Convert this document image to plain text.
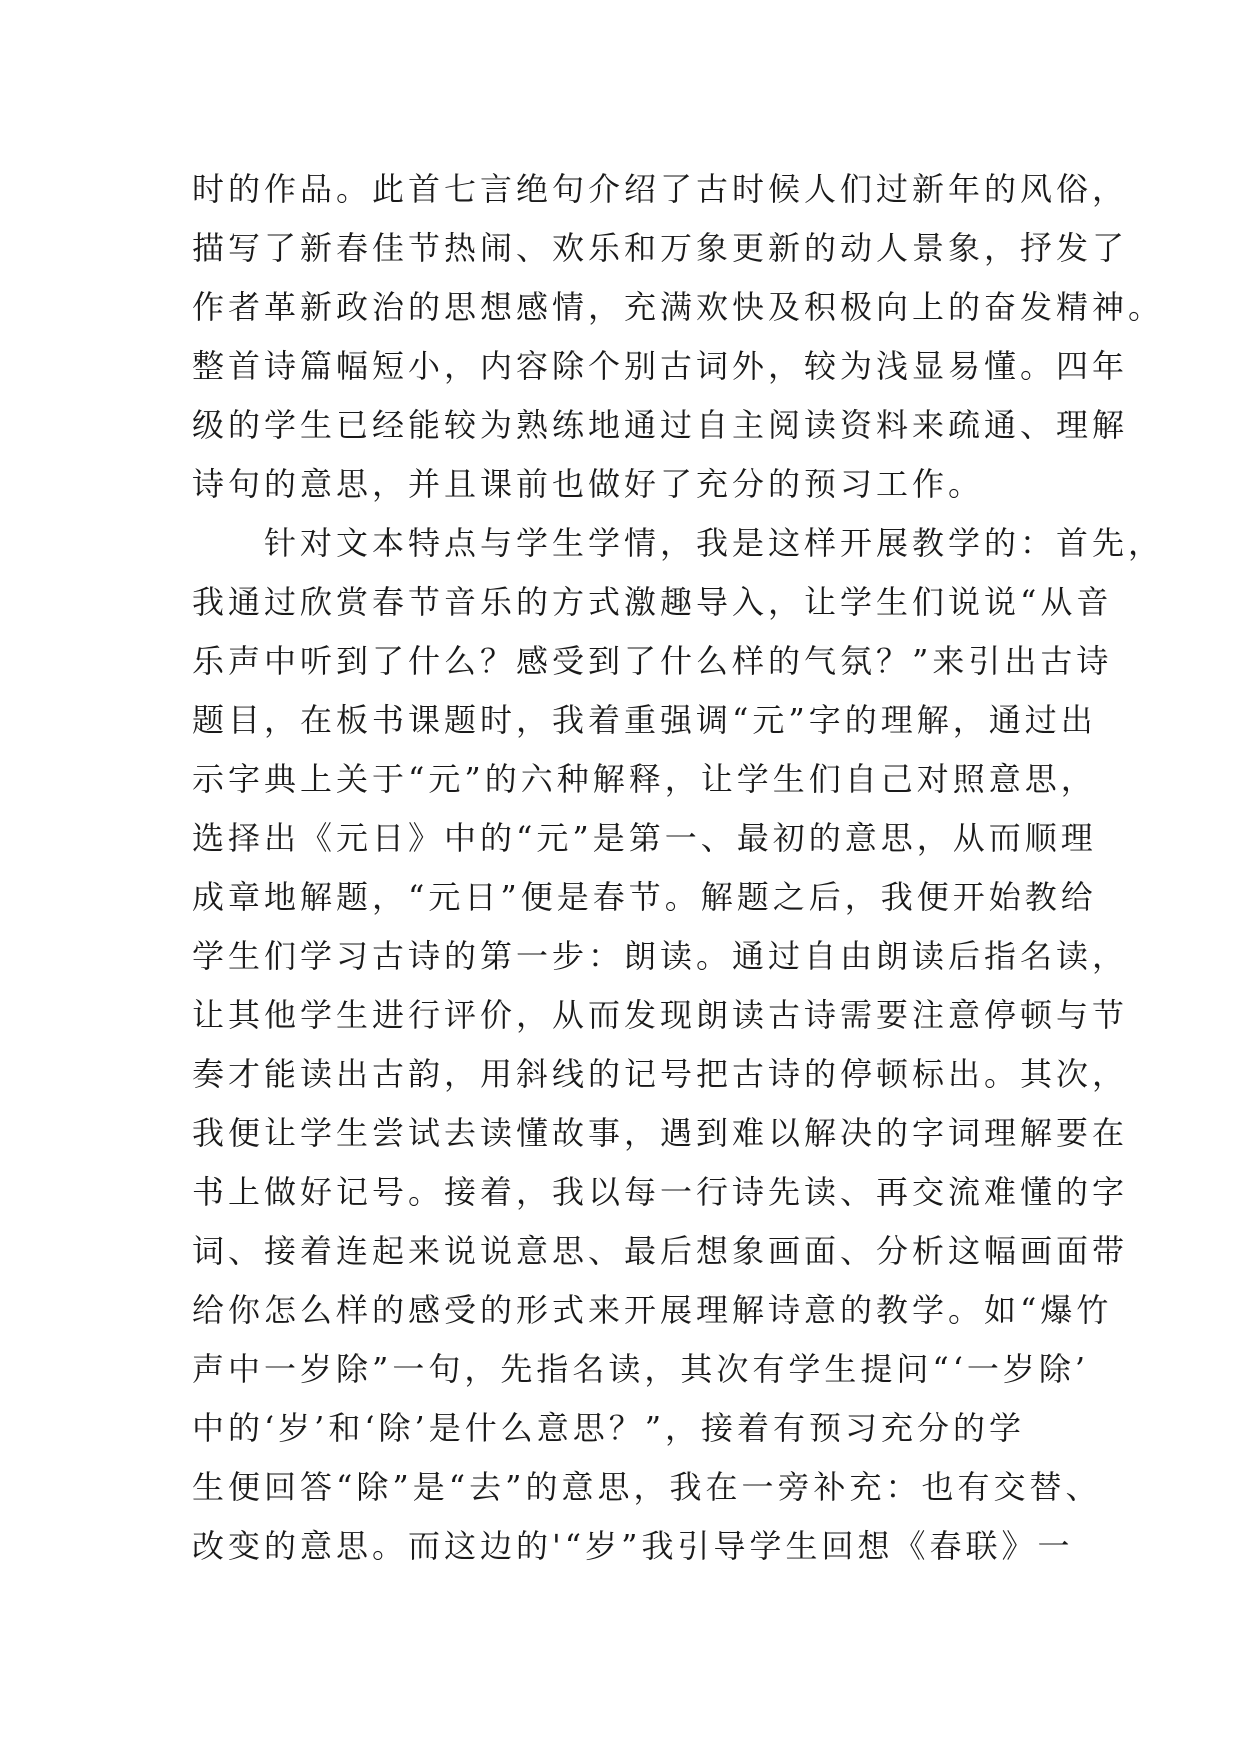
时的作品。此首七言绝句介绍了古时候人们过新年的风俗，
描写了新春佳节热闹、欢乐和万象更新的动人景象，抒发了
作者革新政治的思想感情，充满欢快及积极向上的奋发精神。
整首诗篇幅短小，内容除个别古词外，较为浅显易懂。四年
级的学生已经能较为熟练地通过自主阅读资料来疏通、理解
诗句的意思，并且课前也做好了充分的预习工作。
　　针对文本特点与学生学情，我是这样开展教学的：首先，
我通过欣赏春节音乐的方式激趣导入，让学生们说说“从音
乐声中听到了什么？感受到了什么样的气氛？”来引出古诗
题目，在板书课题时，我着重强调“元”字的理解，通过出
示字典上关于“元”的六种解释，让学生们自己对照意思，
选择出《元日》中的“元”是第一、最初的意思，从而顺理
成章地解题，“元日”便是春节。解题之后，我便开始教给
学生们学习古诗的第一步：朗读。通过自由朗读后指名读，
让其他学生进行评价，从而发现朗读古诗需要注意停顿与节
奏才能读出古韵，用斜线的记号把古诗的停顿标出。其次，
我便让学生尝试去读懂故事，遇到难以解决的字词理解要在
书上做好记号。接着，我以每一行诗先读、再交流难懂的字
词、接着连起来说说意思、最后想象画面、分析这幅画面带
给你怎么样的感受的形式来开展理解诗意的教学。如“爆竹
声中一岁除”一句，先指名读，其次有学生提问“‘一岁除’
中的‘岁’和‘除’是什么意思？”，接着有预习充分的学
生便回答“除”是“去”的意思，我在一旁补充：也有交替、
改变的意思。而这边的'“岁”我引导学生回想《春联》一
